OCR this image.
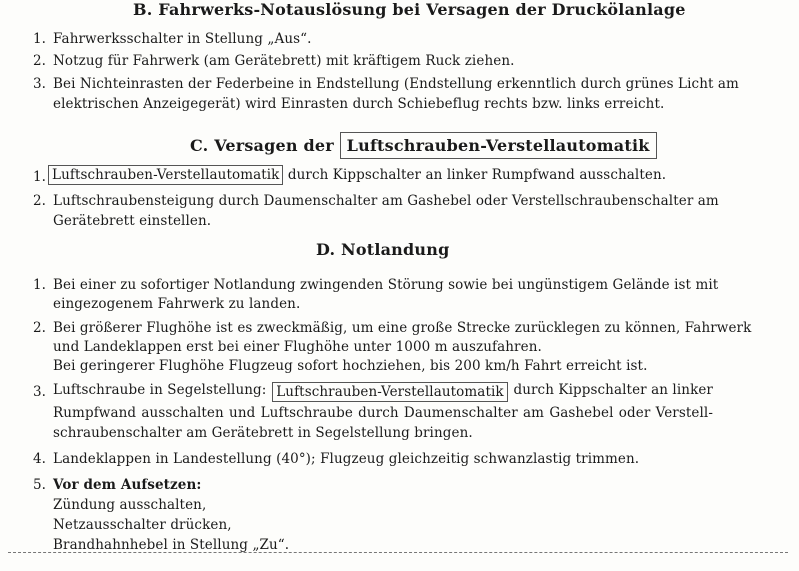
B. Fahrwerks-Notauslösung bei Versagen der Druckölanlage
1. Fahrwerksschalter in Stellung „Aus“.
2. Notzug für Fahrwerk (am Gerätebrett) mit kräftigem Ruck ziehen.
3. Bei Nichteinrasten der Federbeine in Endstellung (Endstellung erkenntlich durch grünes Licht am
elektrischen Anzeigegerät) wird Einrasten durch Schiebeflug rechts bzw. links erreicht.
C. Versagen der Luftschrauben-Verstellautomatik
1. Luftschrauben-Verstellautomatik durch Kippschalter an linker Rumpfwand ausschalten.
2. Luftschraubensteigung durch Daumenschalter am Gashebel oder Verstellschraubenschalter am
Gerätebrett einstellen.
D. Notlandung
1. Bei einer zu sofortiger Notlandung zwingenden Störung sowie bei ungünstigem Gelände ist mit
eingezogenem Fahrwerk zu landen.
2. Bei größerer Flughöhe ist es zweckmäßig, um eine große Strecke zurücklegen zu können, Fahrwerk
und Landeklappen erst bei einer Flughöhe unter 1000 m auszufahren.
Bei geringerer Flughöhe Flugzeug sofort hochziehen, bis 200 km/h Fahrt erreicht ist.
3. Luftschraube in Segelstellung: Luftschrauben-Verstellautomatik durch Kippschalter an linker
Rumpfwand ausschalten und Luftschraube durch Daumenschalter am Gashebel oder Verstell-
schraubenschalter am Gerätebrett in Segelstellung bringen.
4. Landeklappen in Landestellung (40°); Flugzeug gleichzeitig schwanzlastig trimmen.
5. Vor dem Aufsetzen:
Zündung ausschalten,
Netzausschalter drücken,
Brandhahnhebel in Stellung „Zu“.
